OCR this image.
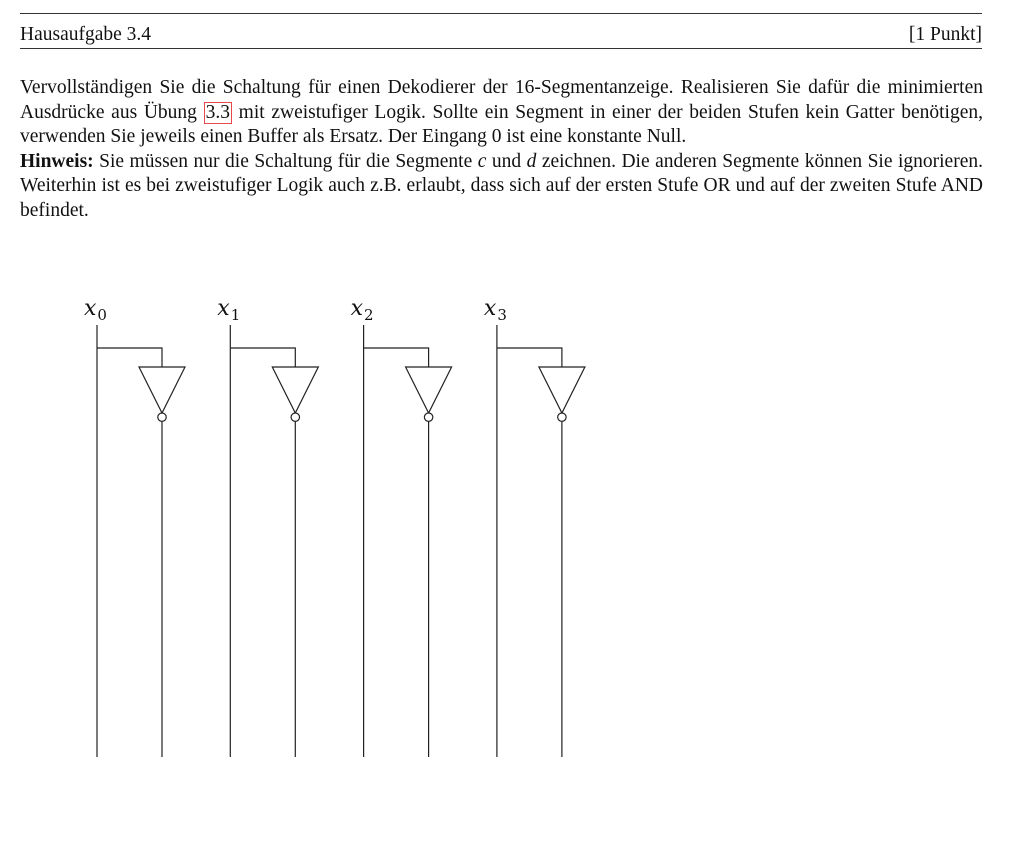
Hausaufgabe 3.4	[1 Punkt]

Vervollständigen Sie die Schaltung für einen Dekodierer der 16-Segmentanzeige. Realisieren Sie dafür die minimierten Ausdrücke aus Übung 3.3 mit zweistufiger Logik. Sollte ein Segment in einer der beiden Stufen kein Gatter benötigen, verwenden Sie jeweils einen Buffer als Ersatz. Der Eingang 0 ist eine konstante Null.

Hinweis: Sie müssen nur die Schaltung für die Segmente c und d zeichnen. Die anderen Segmente können Sie ignorieren. Weiterhin ist es bei zweistufiger Logik auch z.B. erlaubt, dass sich auf der ersten Stufe OR und auf der zweiten Stufe AND befindet.

$x_0$	$x_1$	$x_2$	$x_3$
